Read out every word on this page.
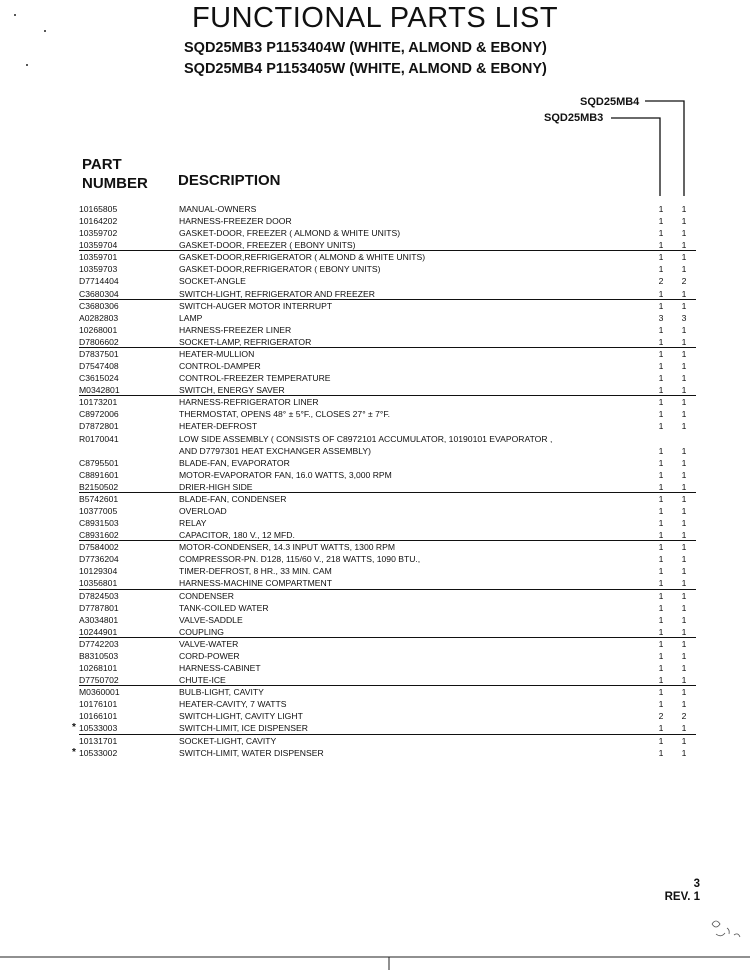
FUNCTIONAL PARTS LIST
SQD25MB3 P1153404W (WHITE, ALMOND & EBONY)
SQD25MB4 P1153405W (WHITE, ALMOND & EBONY)
SQD25MB4
SQD25MB3
PART
NUMBER DESCRIPTION
10165805	MANUAL-OWNERS	1 1
10164202	HARNESS-FREEZER DOOR	1 1
10359702	GASKET-DOOR, FREEZER ( ALMOND & WHITE UNITS)	1 1
10359704	GASKET-DOOR, FREEZER ( EBONY UNITS)	1 1
10359701	GASKET-DOOR,REFRIGERATOR ( ALMOND & WHITE UNITS)	1 1
10359703	GASKET-DOOR,REFRIGERATOR ( EBONY UNITS)	1 1
D7714404	SOCKET-ANGLE	2 2
C3680304	SWITCH-LIGHT, REFRIGERATOR AND FREEZER	1 1
C3680306	SWITCH-AUGER MOTOR INTERRUPT	1 1
A0282803	LAMP	3 3
10268001	HARNESS-FREEZER LINER	1 1
D7806602	SOCKET-LAMP, REFRIGERATOR	1 1
D7837501	HEATER-MULLION	1 1
D7547408	CONTROL-DAMPER	1 1
C3615024	CONTROL-FREEZER TEMPERATURE	1 1
M0342801	SWITCH, ENERGY SAVER	1 1
10173201	HARNESS-REFRIGERATOR LINER	1 1
C8972006	THERMOSTAT, OPENS 48° ± 5°F., CLOSES 27° ± 7°F.	1 1
D7872801	HEATER-DEFROST	1 1
R0170041	LOW SIDE ASSEMBLY ( CONSISTS OF C8972101 ACCUMULATOR, 10190101 EVAPORATOR ,
AND D7797301 HEAT EXCHANGER ASSEMBLY)	1 1
C8795501	BLADE-FAN, EVAPORATOR	1 1
C8891601	MOTOR-EVAPORATOR FAN, 16.0 WATTS, 3,000 RPM	1 1
B2150502	DRIER-HIGH SIDE	1 1
B5742601	BLADE-FAN, CONDENSER	1 1
10377005	OVERLOAD	1 1
C8931503	RELAY	1 1
C8931602	CAPACITOR, 180 V., 12 MFD.	1 1
D7584002	MOTOR-CONDENSER, 14.3 INPUT WATTS, 1300 RPM	1 1
D7736204	COMPRESSOR-PN. D128, 115/60 V., 218 WATTS, 1090 BTU.,	1 1
10129304	TIMER-DEFROST, 8 HR., 33 MIN. CAM	1 1
10356801	HARNESS-MACHINE COMPARTMENT	1 1
D7824503	CONDENSER	1 1
D7787801	TANK-COILED WATER	1 1
A3034801	VALVE-SADDLE	1 1
10244901	COUPLING	1 1
D7742203	VALVE-WATER	1 1
B8310503	CORD-POWER	1 1
10268101	HARNESS-CABINET	1 1
D7750702	CHUTE-ICE	1 1
M0360001	BULB-LIGHT, CAVITY	1 1
10176101	HEATER-CAVITY, 7 WATTS	1 1
10166101	SWITCH-LIGHT, CAVITY LIGHT	2 2
* 10533003	SWITCH-LIMIT, ICE DISPENSER	1 1
10131701	SOCKET-LIGHT, CAVITY	1 1
* 10533002	SWITCH-LIMIT, WATER DISPENSER	1 1
3
REV. 1
